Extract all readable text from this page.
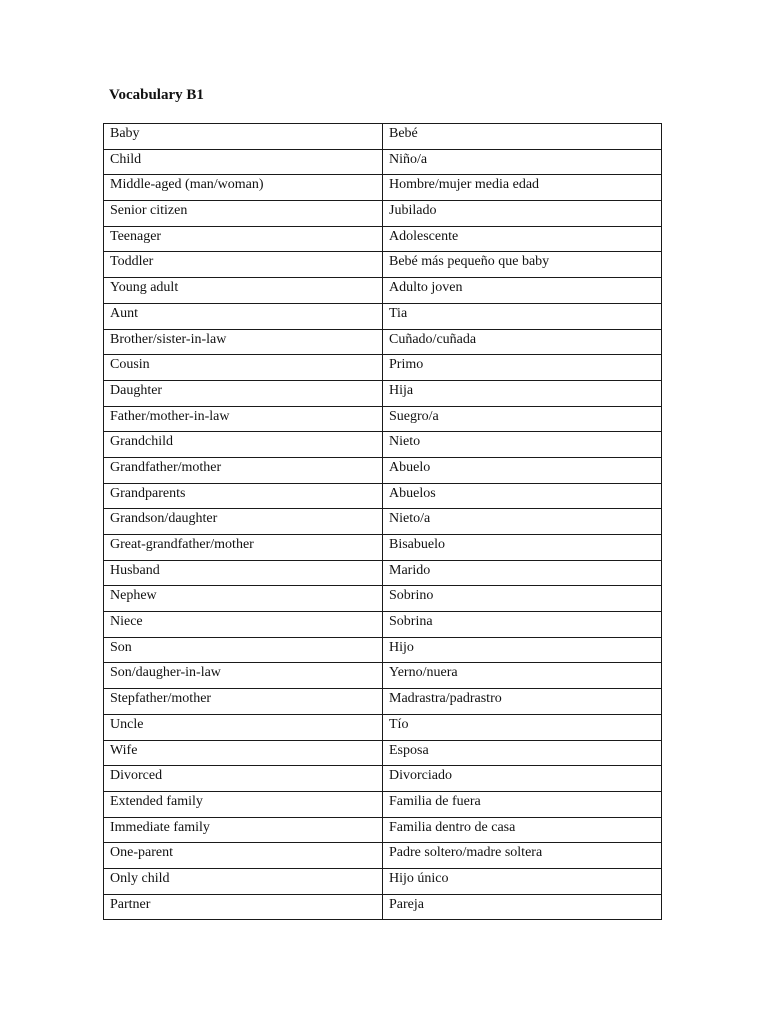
Vocabulary B1
Baby	Bebé
Child	Niño/a
Middle-aged (man/woman)	Hombre/mujer media edad
Senior citizen	Jubilado
Teenager	Adolescente
Toddler	Bebé más pequeño que baby
Young adult	Adulto joven
Aunt	Tia
Brother/sister-in-law	Cuñado/cuñada
Cousin	Primo
Daughter	Hija
Father/mother-in-law	Suegro/a
Grandchild	Nieto
Grandfather/mother	Abuelo
Grandparents	Abuelos
Grandson/daughter	Nieto/a
Great-grandfather/mother	Bisabuelo
Husband	Marido
Nephew	Sobrino
Niece	Sobrina
Son	Hijo
Son/daugher-in-law	Yerno/nuera
Stepfather/mother	Madrastra/padrastro
Uncle	Tío
Wife	Esposa
Divorced	Divorciado
Extended family	Familia de fuera
Immediate family	Familia dentro de casa
One-parent	Padre soltero/madre soltera
Only child	Hijo único
Partner	Pareja
